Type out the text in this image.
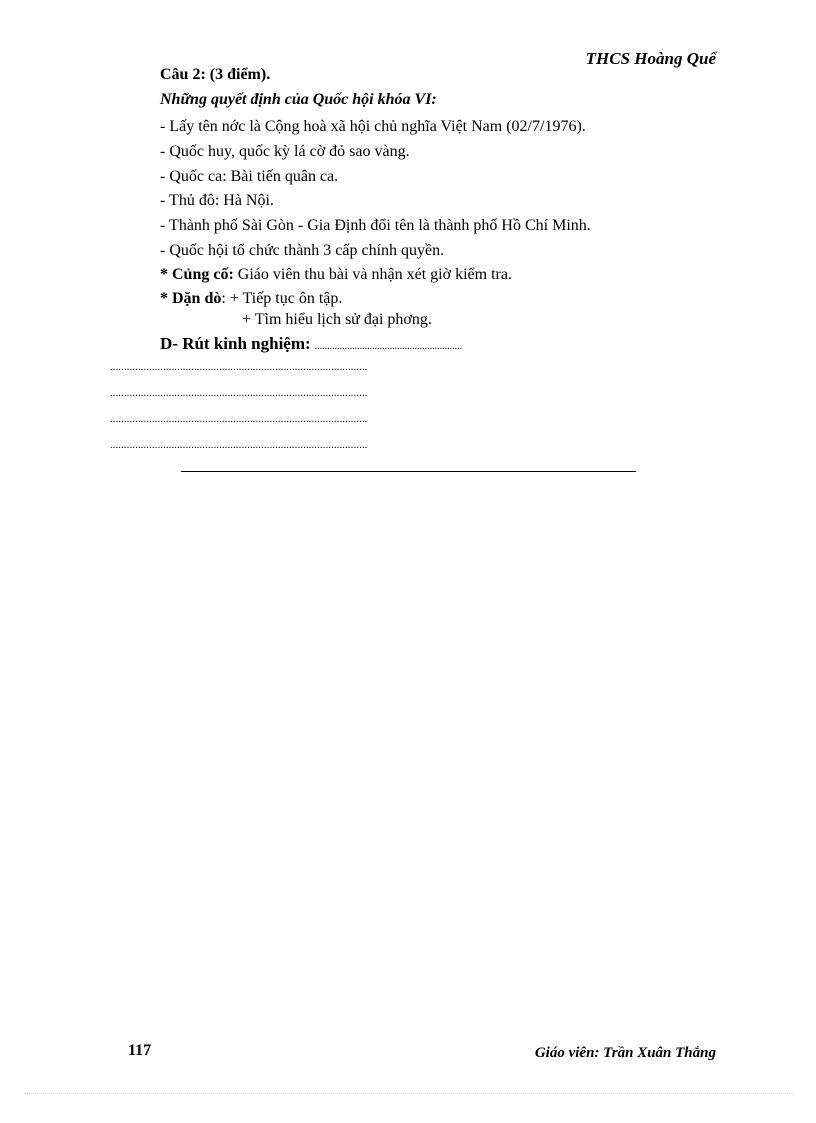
THCS Hoàng Quế
Câu 2: (3 điểm).
Những quyết định của Quốc hội khóa VI:
- Lấy tên nớc là Cộng hoà xã hội chủ nghĩa Việt Nam (02/7/1976).
- Quốc huy, quốc kỳ lá cờ đỏ sao vàng.
- Quốc ca: Bài tiến quân ca.
- Thủ đô: Hà Nội.
- Thành phố Sài Gòn - Gia Định đổi tên là thành phố Hồ Chí Minh.
- Quốc hội tổ chức thành 3 cấp chính quyền.
* Củng cố: Giáo viên thu bài và nhận xét giờ kiểm tra.
* Dặn dò: + Tiếp tục ôn tập.
+ Tìm hiểu lịch sử đại phơng.
D- Rút kinh nghiệm: ...........................................................
............................................................................................
............................................................................................
............................................................................................
............................................................................................
117	Giáo viên: Trần Xuân Thắng
